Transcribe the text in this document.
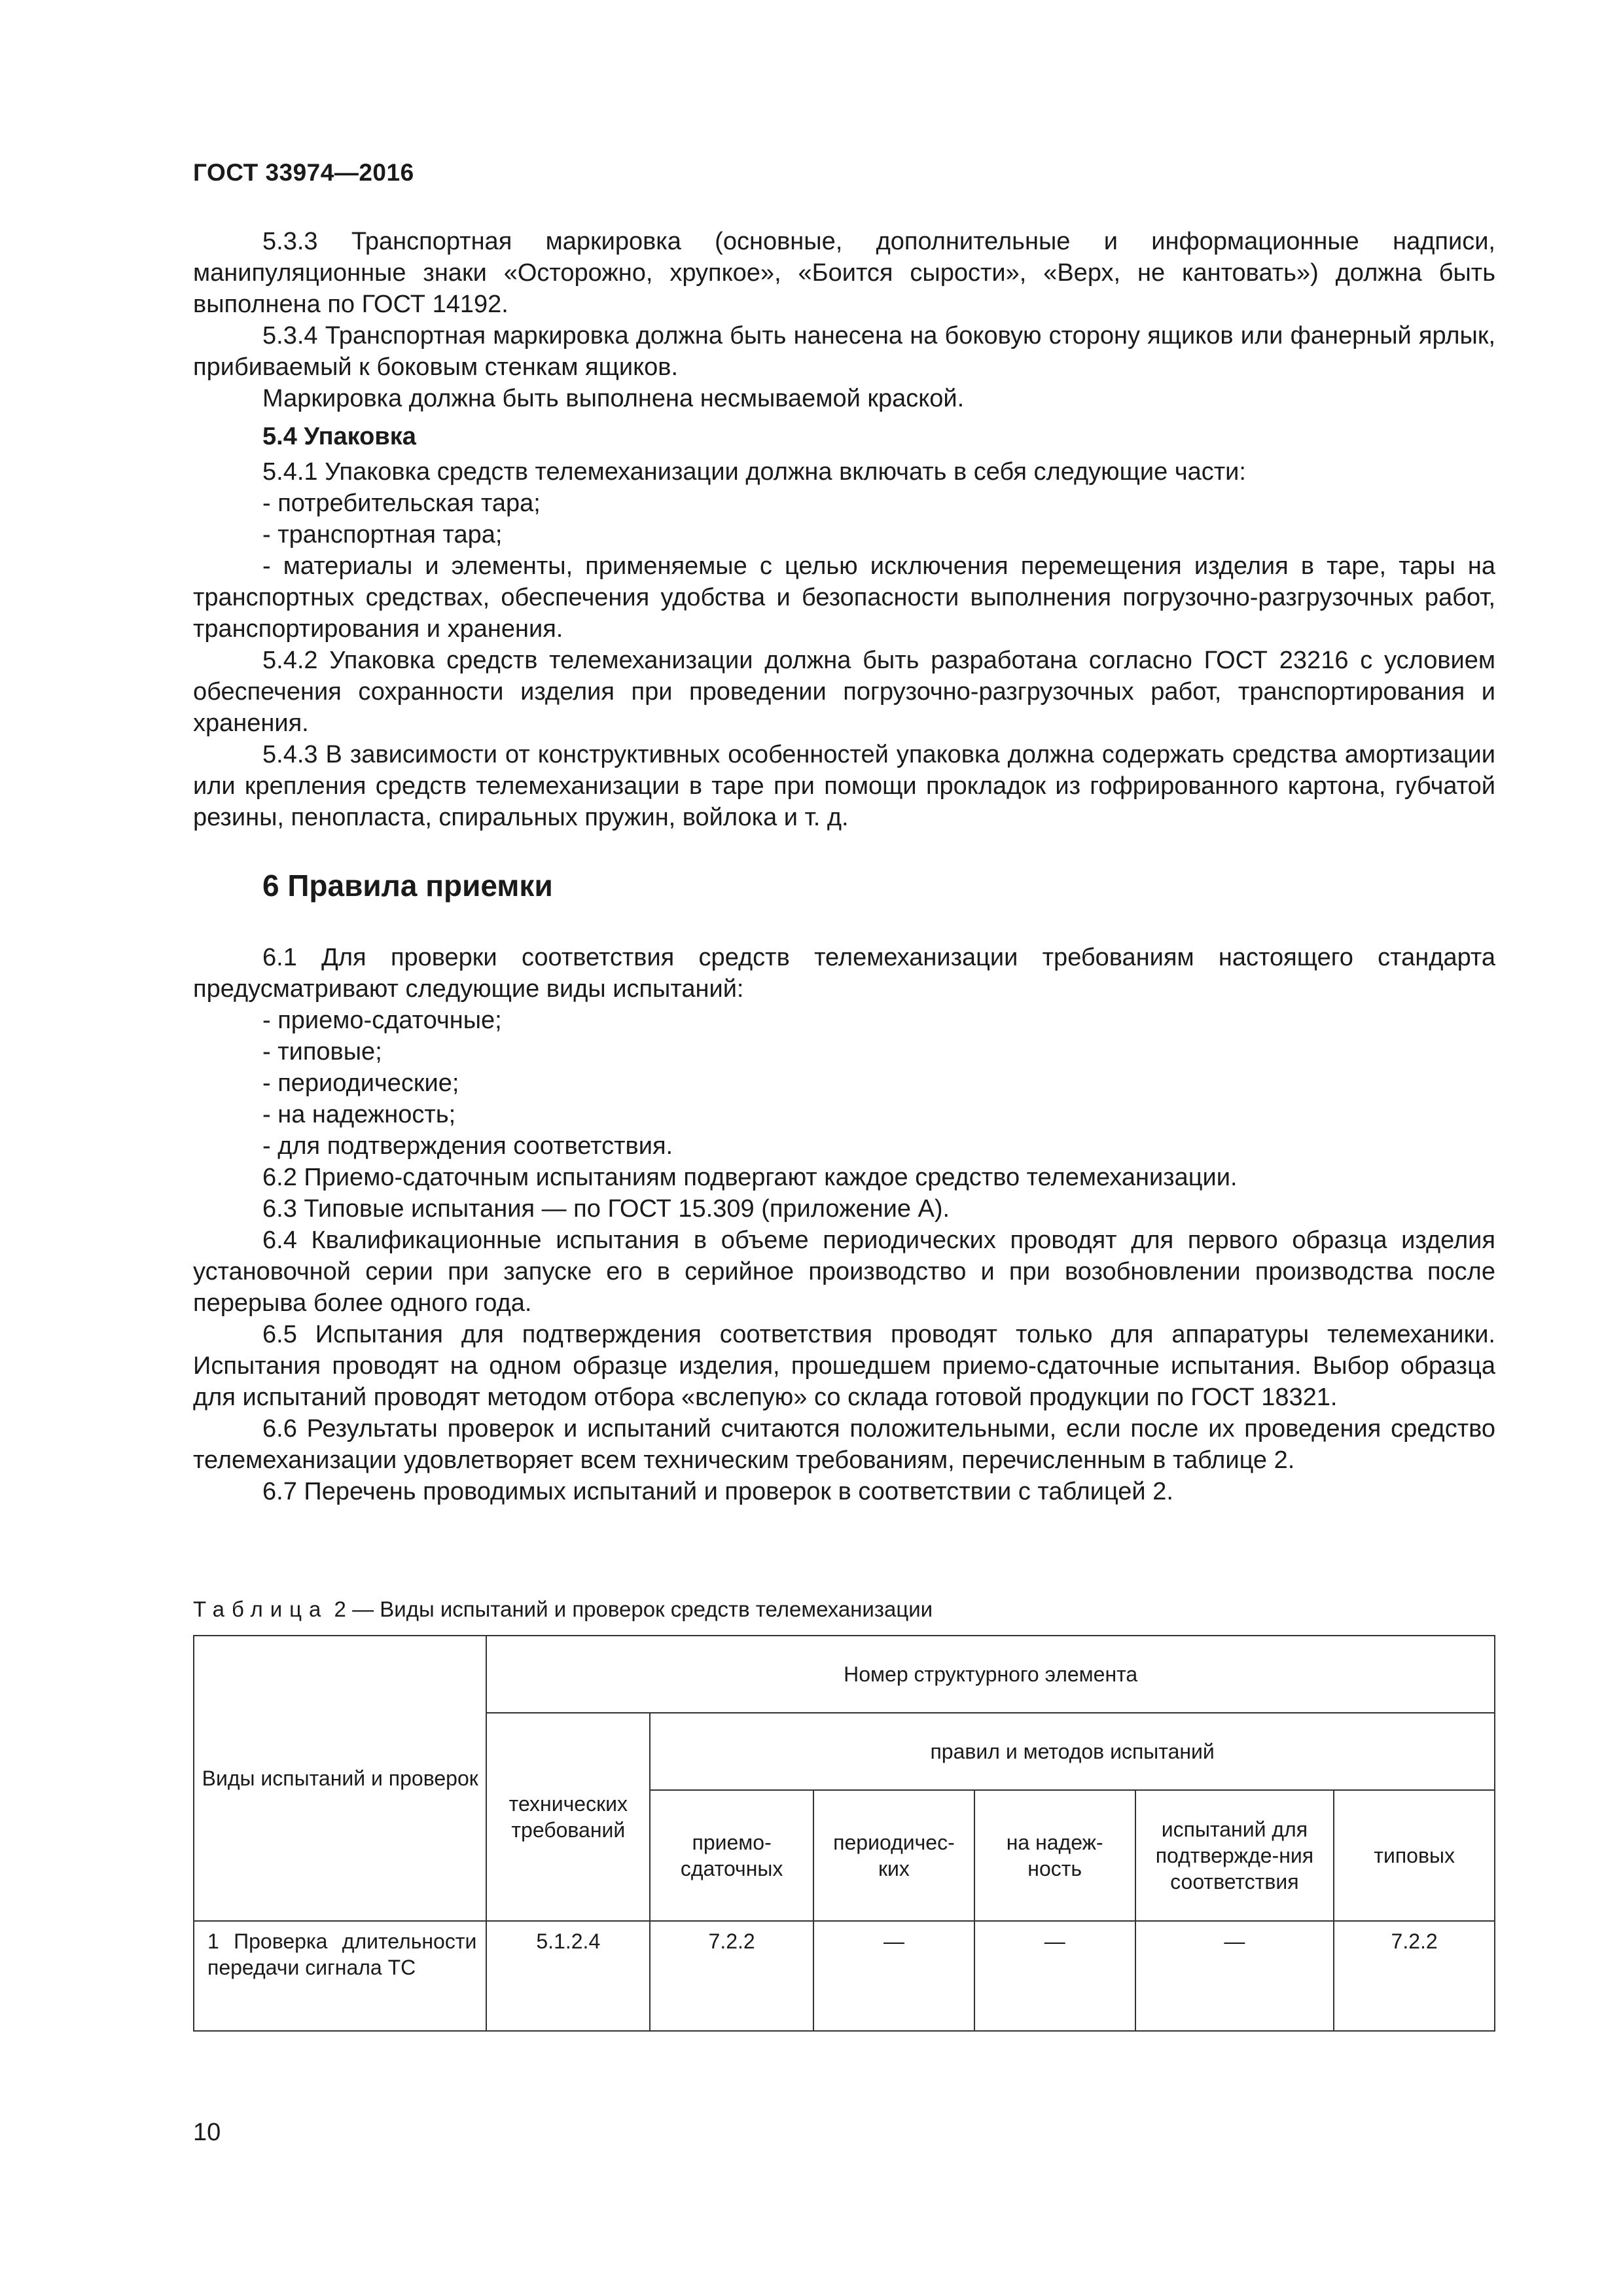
ГОСТ 33974—2016

5.3.3 Транспортная маркировка (основные, дополнительные и информационные надписи, манипуляционные знаки «Осторожно, хрупкое», «Боится сырости», «Верх, не кантовать») должна быть выполнена по ГОСТ 14192.

5.3.4 Транспортная маркировка должна быть нанесена на боковую сторону ящиков или фанерный ярлык, прибиваемый к боковым стенкам ящиков.

Маркировка должна быть выполнена несмываемой краской.

5.4 Упаковка

5.4.1 Упаковка средств телемеханизации должна включать в себя следующие части:

- потребительская тара;

- транспортная тара;

- материалы и элементы, применяемые с целью исключения перемещения изделия в таре, тары на транспортных средствах, обеспечения удобства и безопасности выполнения погрузочно-разгрузочных работ, транспортирования и хранения.

5.4.2 Упаковка средств телемеханизации должна быть разработана согласно ГОСТ 23216 с условием обеспечения сохранности изделия при проведении погрузочно-разгрузочных работ, транспортирования и хранения.

5.4.3 В зависимости от конструктивных особенностей упаковка должна содержать средства амортизации или крепления средств телемеханизации в таре при помощи прокладок из гофрированного картона, губчатой резины, пенопласта, спиральных пружин, войлока и т. д.

6 Правила приемки

6.1 Для проверки соответствия средств телемеханизации требованиям настоящего стандарта предусматривают следующие виды испытаний:

- приемо-сдаточные;

- типовые;

- периодические;

- на надежность;

- для подтверждения соответствия.

6.2 Приемо-сдаточным испытаниям подвергают каждое средство телемеханизации.

6.3 Типовые испытания — по ГОСТ 15.309 (приложение А).

6.4 Квалификационные испытания в объеме периодических проводят для первого образца изделия установочной серии при запуске его в серийное производство и при возобновлении производства после перерыва более одного года.

6.5 Испытания для подтверждения соответствия проводят только для аппаратуры телемеханики. Испытания проводят на одном образце изделия, прошедшем приемо-сдаточные испытания. Выбор образца для испытаний проводят методом отбора «вслепую» со склада готовой продукции по ГОСТ 18321.

6.6 Результаты проверок и испытаний считаются положительными, если после их проведения средство телемеханизации удовлетворяет всем техническим требованиям, перечисленным в таблице 2.

6.7 Перечень проводимых испытаний и проверок в соответствии с таблицей 2.

Таблица 2 — Виды испытаний и проверок средств телемеханизации
Виды испытаний и проверок	Номер структурного элемента					
	технических требований	правил и методов испытаний				
		приемо-сдаточных	периодичес-ких	на надеж-ность	испытаний для подтвержде-ния соответствия	типовых
1 Проверка длительности передачи сигнала ТС	5.1.2.4	7.2.2	—	—	—	7.2.2
10
